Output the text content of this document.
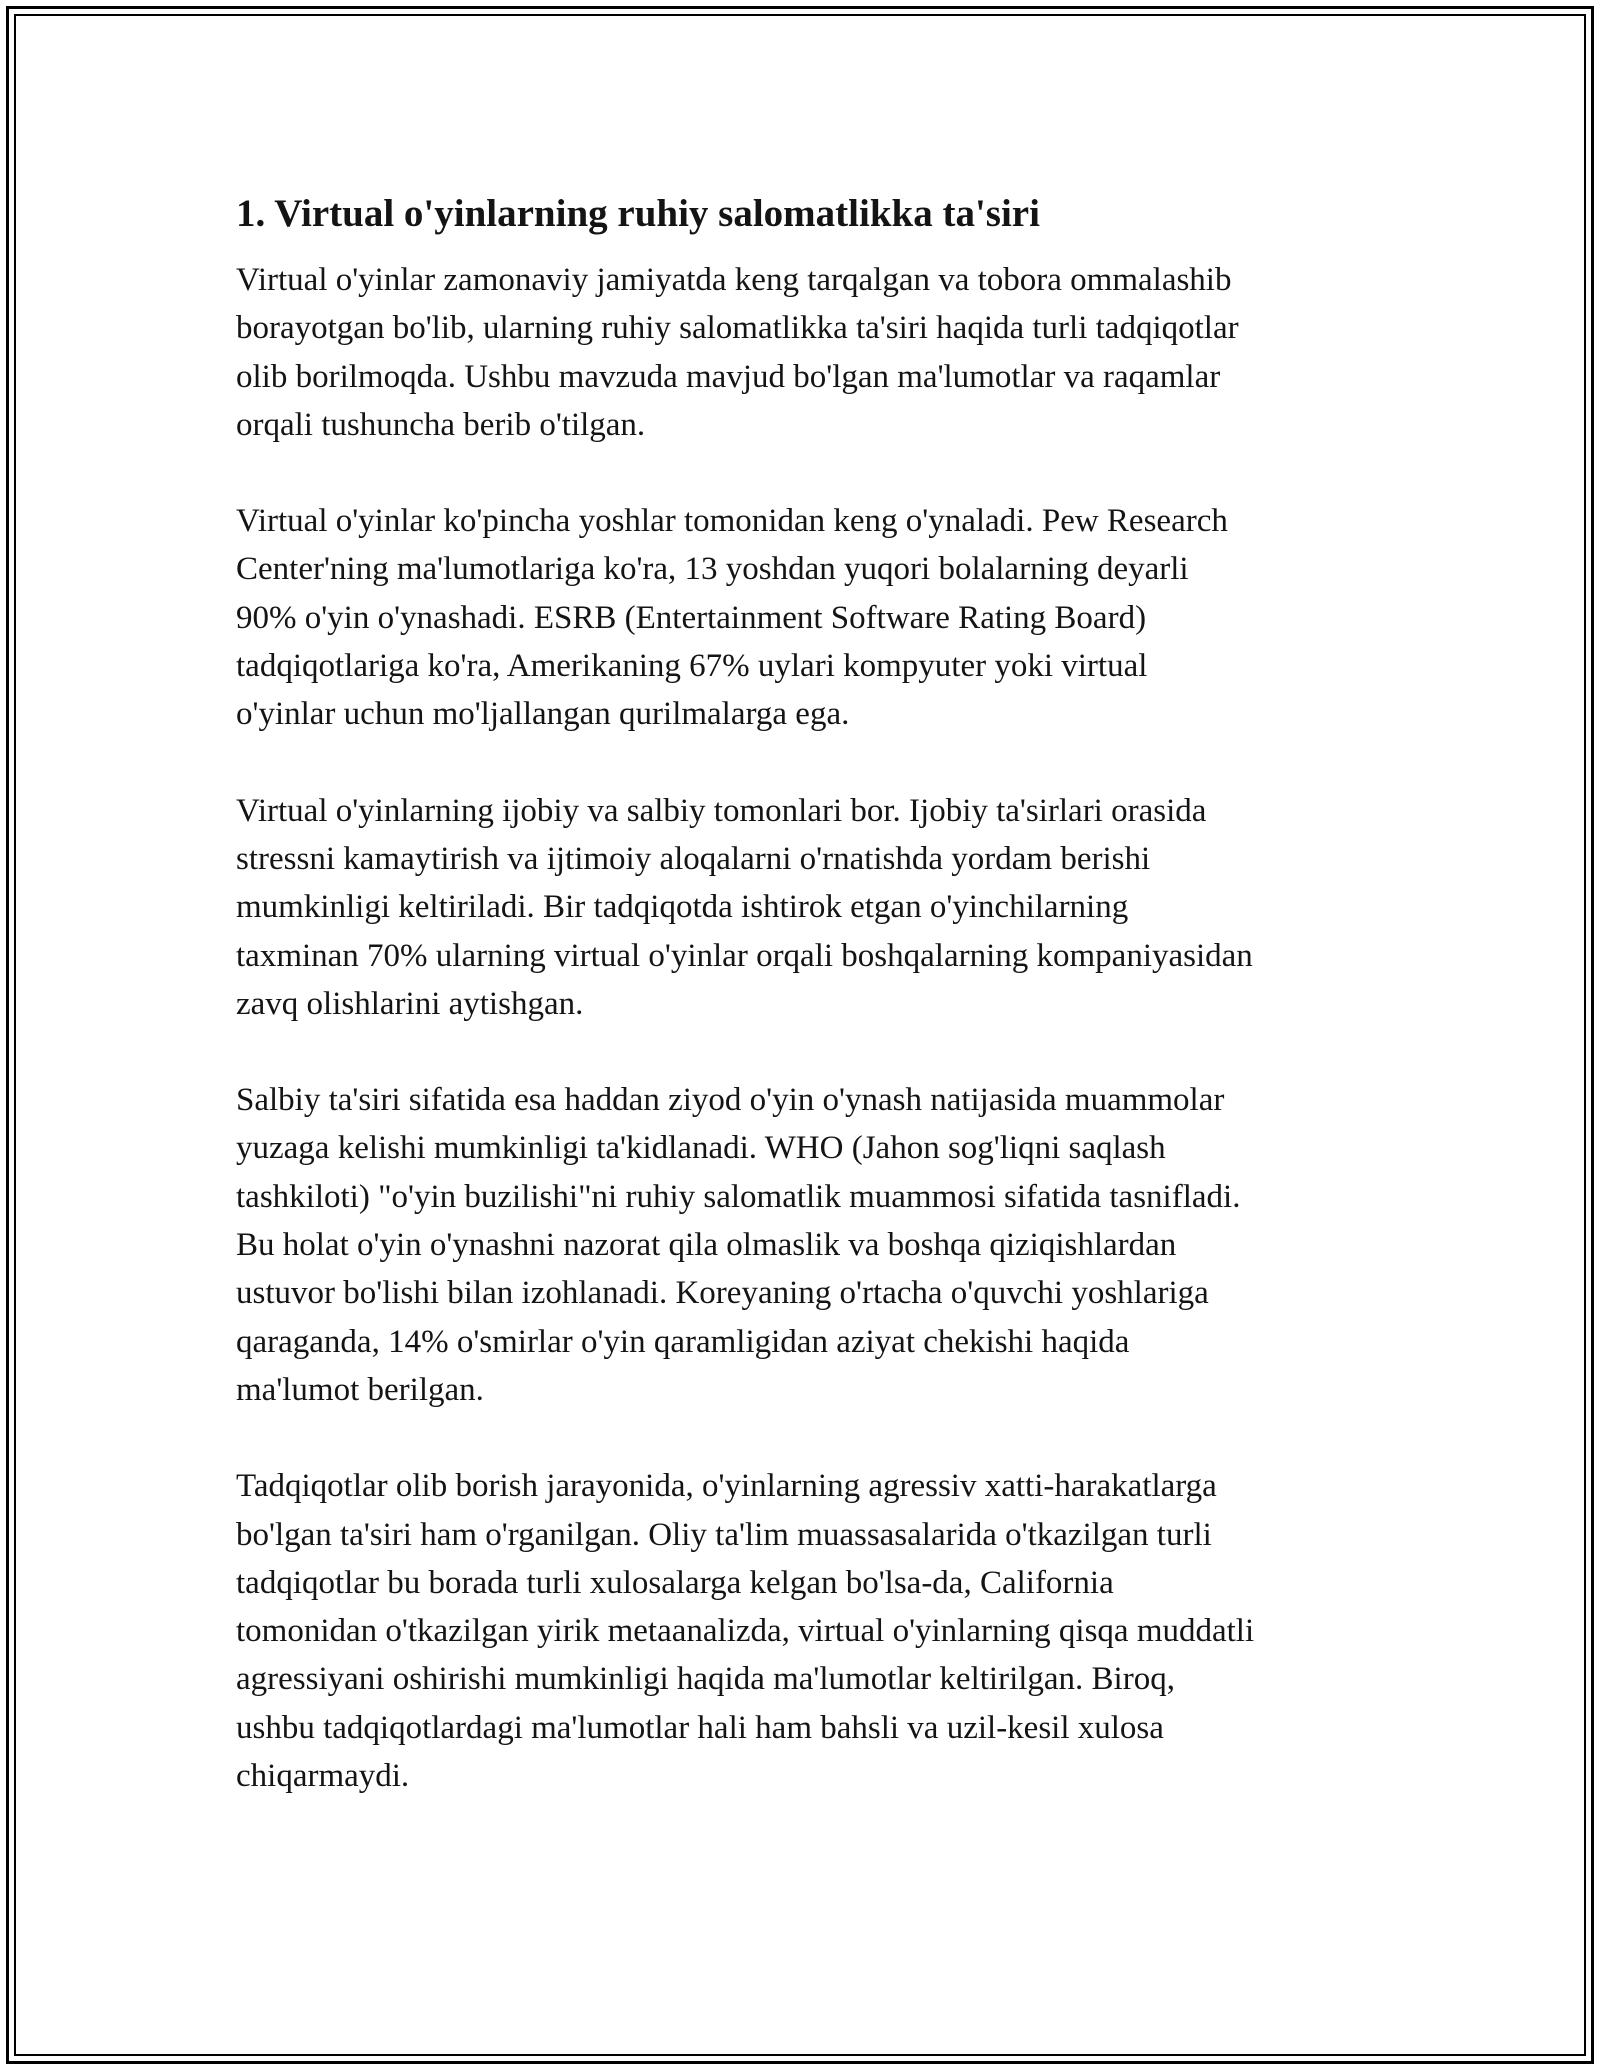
1. Virtual o'yinlarning ruhiy salomatlikka ta'siri

Virtual o'yinlar zamonaviy jamiyatda keng tarqalgan va tobora ommalashib
borayotgan bo'lib, ularning ruhiy salomatlikka ta'siri haqida turli tadqiqotlar
olib borilmoqda. Ushbu mavzuda mavjud bo'lgan ma'lumotlar va raqamlar
orqali tushuncha berib o'tilgan.

Virtual o'yinlar ko'pincha yoshlar tomonidan keng o'ynaladi. Pew Research
Center'ning ma'lumotlariga ko'ra, 13 yoshdan yuqori bolalarning deyarli
90% o'yin o'ynashadi. ESRB (Entertainment Software Rating Board)
tadqiqotlariga ko'ra, Amerikaning 67% uylari kompyuter yoki virtual
o'yinlar uchun mo'ljallangan qurilmalarga ega.

Virtual o'yinlarning ijobiy va salbiy tomonlari bor. Ijobiy ta'sirlari orasida
stressni kamaytirish va ijtimoiy aloqalarni o'rnatishda yordam berishi
mumkinligi keltiriladi. Bir tadqiqotda ishtirok etgan o'yinchilarning
taxminan 70% ularning virtual o'yinlar orqali boshqalarning kompaniyasidan
zavq olishlarini aytishgan.

Salbiy ta'siri sifatida esa haddan ziyod o'yin o'ynash natijasida muammolar
yuzaga kelishi mumkinligi ta'kidlanadi. WHO (Jahon sog'liqni saqlash
tashkiloti) "o'yin buzilishi"ni ruhiy salomatlik muammosi sifatida tasnifladi.
Bu holat o'yin o'ynashni nazorat qila olmaslik va boshqa qiziqishlardan
ustuvor bo'lishi bilan izohlanadi. Koreyaning o'rtacha o'quvchi yoshlariga
qaraganda, 14% o'smirlar o'yin qaramligidan aziyat chekishi haqida
ma'lumot berilgan.

Tadqiqotlar olib borish jarayonida, o'yinlarning agressiv xatti-harakatlarga
bo'lgan ta'siri ham o'rganilgan. Oliy ta'lim muassasalarida o'tkazilgan turli
tadqiqotlar bu borada turli xulosalarga kelgan bo'lsa-da, California
tomonidan o'tkazilgan yirik metaanalizda, virtual o'yinlarning qisqa muddatli
agressiyani oshirishi mumkinligi haqida ma'lumotlar keltirilgan. Biroq,
ushbu tadqiqotlardagi ma'lumotlar hali ham bahsli va uzil-kesil xulosa
chiqarmaydi.
